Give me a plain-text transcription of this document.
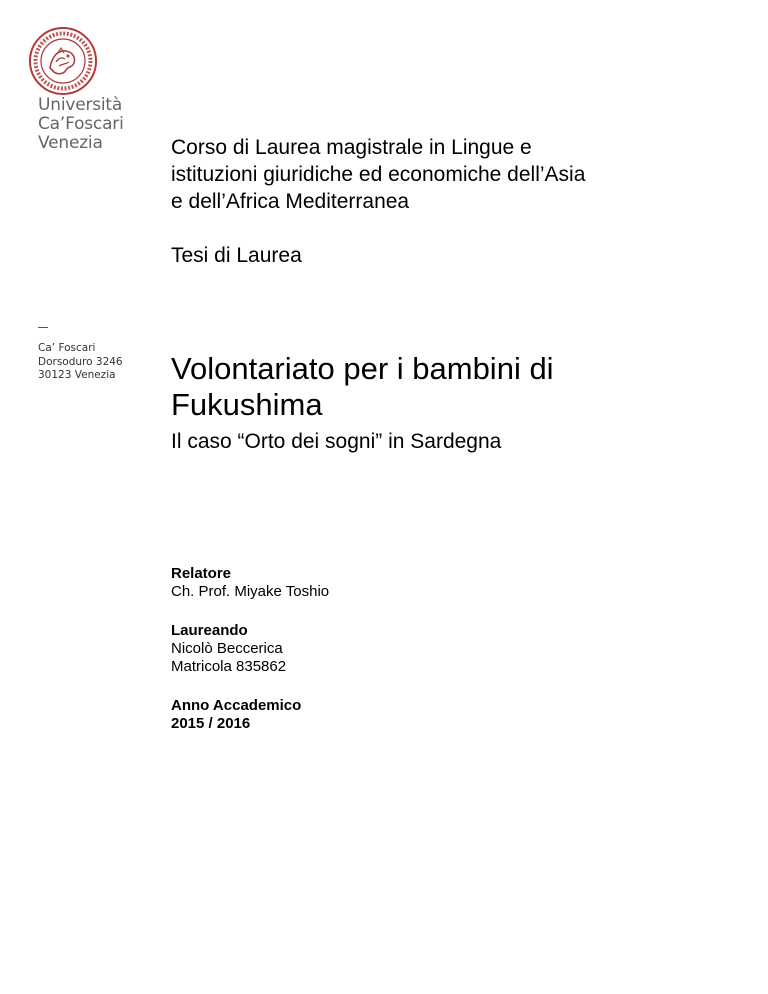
Università
Ca’Foscari
Venezia
Ca’ Foscari
Dorsoduro 3246
30123 Venezia
Corso di Laurea magistrale in Lingue e
istituzioni giuridiche ed economiche dell’Asia
e dell’Africa Mediterranea
Tesi di Laurea
Volontariato per i bambini di
Fukushima
Il caso “Orto dei sogni” in Sardegna
Relatore
Ch. Prof. Miyake Toshio
Laureando
Nicolò Beccerica
Matricola 835862
Anno Accademico
2015 / 2016
